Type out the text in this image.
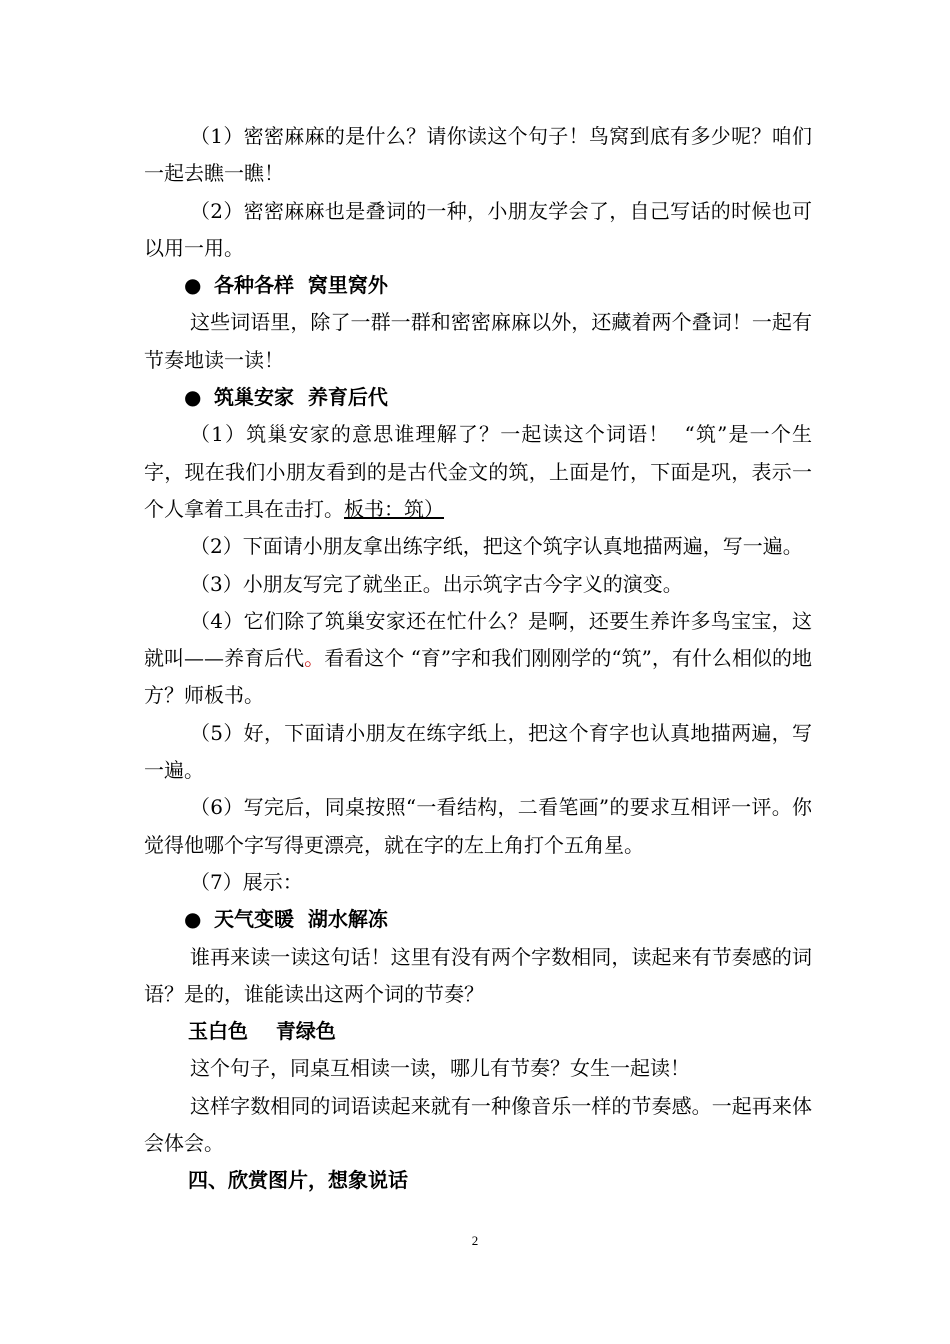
（1）密密麻麻的是什么？请你读这个句子！鸟窝到底有多少呢？咱们一起去瞧一瞧！

（2）密密麻麻也是叠词的一种，小朋友学会了，自己写话的时候也可以用一用。

● 各种各样  窝里窝外

这些词语里，除了一群一群和密密麻麻以外，还藏着两个叠词！一起有节奏地读一读！

● 筑巢安家  养育后代

（1）筑巢安家的意思谁理解了？一起读这个词语！  “筑”是一个生字，现在我们小朋友看到的是古代金文的筑，上面是竹，下面是巩，表示一个人拿着工具在击打。板书：筑）

（2）下面请小朋友拿出练字纸，把这个筑字认真地描两遍，写一遍。

（3）小朋友写完了就坐正。出示筑字古今字义的演变。

（4）它们除了筑巢安家还在忙什么？是啊，还要生养许多鸟宝宝，这就叫——养育后代。看看这个 “育”字和我们刚刚学的“筑”，有什么相似的地方？师板书。

（5）好，下面请小朋友在练字纸上，把这个育字也认真地描两遍，写一遍。

（6）写完后，同桌按照“一看结构，二看笔画”的要求互相评一评。你觉得他哪个字写得更漂亮，就在字的左上角打个五角星。

（7）展示：

● 天气变暖  湖水解冻

谁再来读一读这句话！这里有没有两个字数相同，读起来有节奏感的词语？是的，谁能读出这两个词的节奏？

玉白色    青绿色

这个句子，同桌互相读一读，哪儿有节奏？女生一起读！

这样字数相同的词语读起来就有一种像音乐一样的节奏感。一起再来体会体会。

四、欣赏图片，想象说话

2
